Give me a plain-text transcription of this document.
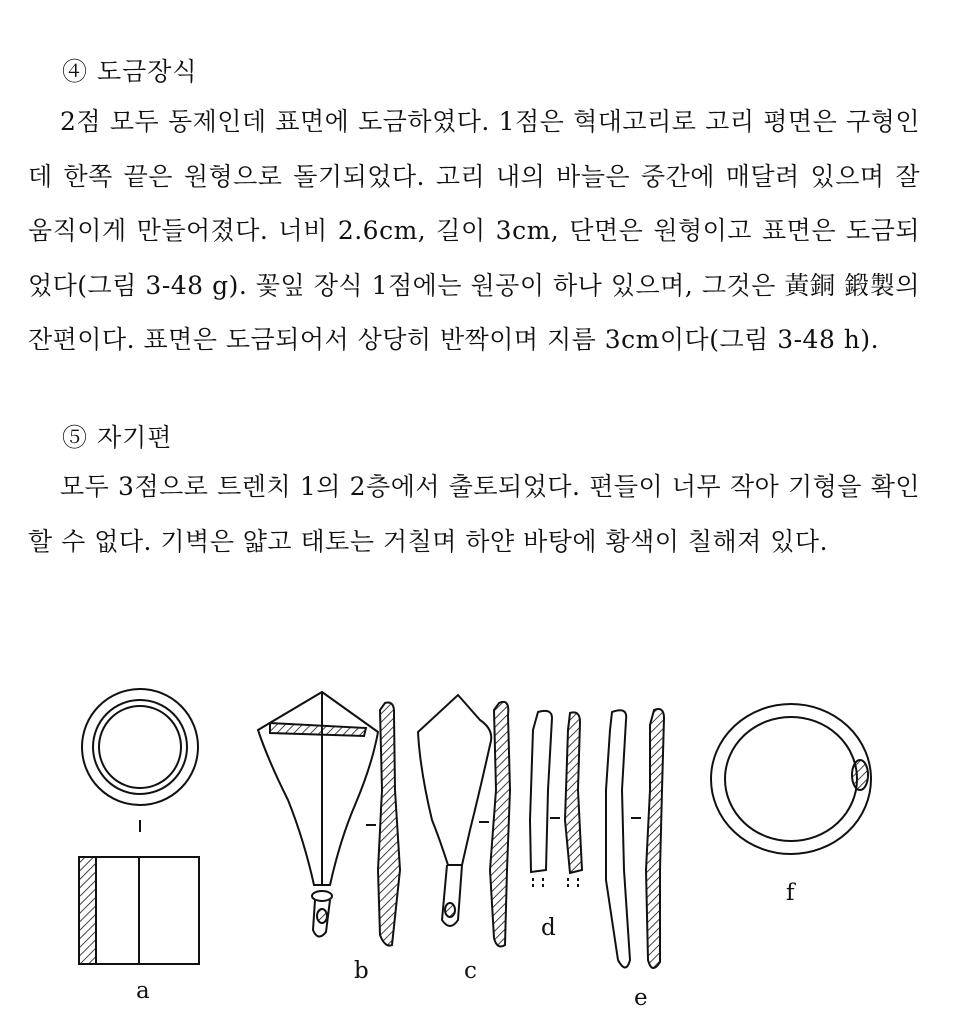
④ 도금장식

2점 모두 동제인데 표면에 도금하였다. 1점은 혁대고리로 고리 평면은 구형인데 한쪽 끝은 원형으로 돌기되었다. 고리 내의 바늘은 중간에 매달려 있으며 잘 움직이게 만들어졌다. 너비 2.6cm, 길이 3cm, 단면은 원형이고 표면은 도금되었다(그림 3-48 g). 꽃잎 장식 1점에는 원공이 하나 있으며, 그것은 黃銅 鍛製의 잔편이다. 표면은 도금되어서 상당히 반짝이며 지름 3cm이다(그림 3-48 h).

⑤ 자기편

모두 3점으로 트렌치 1의 2층에서 출토되었다. 편들이 너무 작아 기형을 확인할 수 없다. 기벽은 얇고 태토는 거칠며 하얀 바탕에 황색이 칠해져 있다.

a
b	c
d
e
f
